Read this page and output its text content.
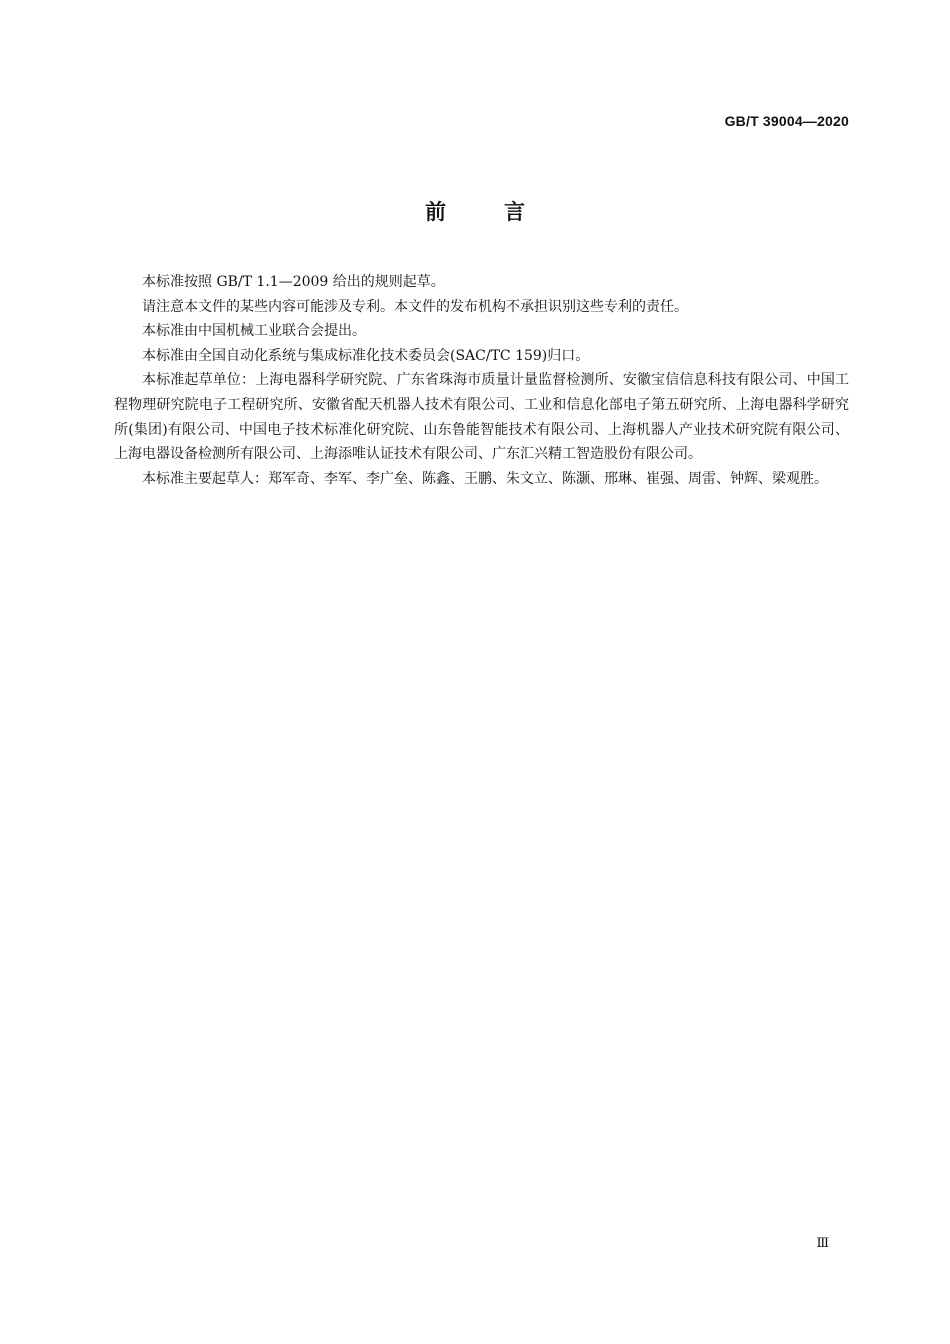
GB/T 39004—2020
前言

本标准按照 GB/T 1.1—2009 给出的规则起草。

请注意本文件的某些内容可能涉及专利。本文件的发布机构不承担识别这些专利的责任。

本标准由中国机械工业联合会提出。

本标准由全国自动化系统与集成标准化技术委员会(SAC/TC 159)归口。

本标准起草单位：上海电器科学研究院、广东省珠海市质量计量监督检测所、安徽宝信信息科技有限公司、中国工程物理研究院电子工程研究所、安徽省配天机器人技术有限公司、工业和信息化部电子第五研究所、上海电器科学研究所(集团)有限公司、中国电子技术标准化研究院、山东鲁能智能技术有限公司、上海机器人产业技术研究院有限公司、上海电器设备检测所有限公司、上海添唯认证技术有限公司、广东汇兴精工智造股份有限公司。

本标准主要起草人：郑军奇、李军、李广垒、陈鑫、王鹏、朱文立、陈灏、邢琳、崔强、周雷、钟辉、梁观胜。

Ⅲ
